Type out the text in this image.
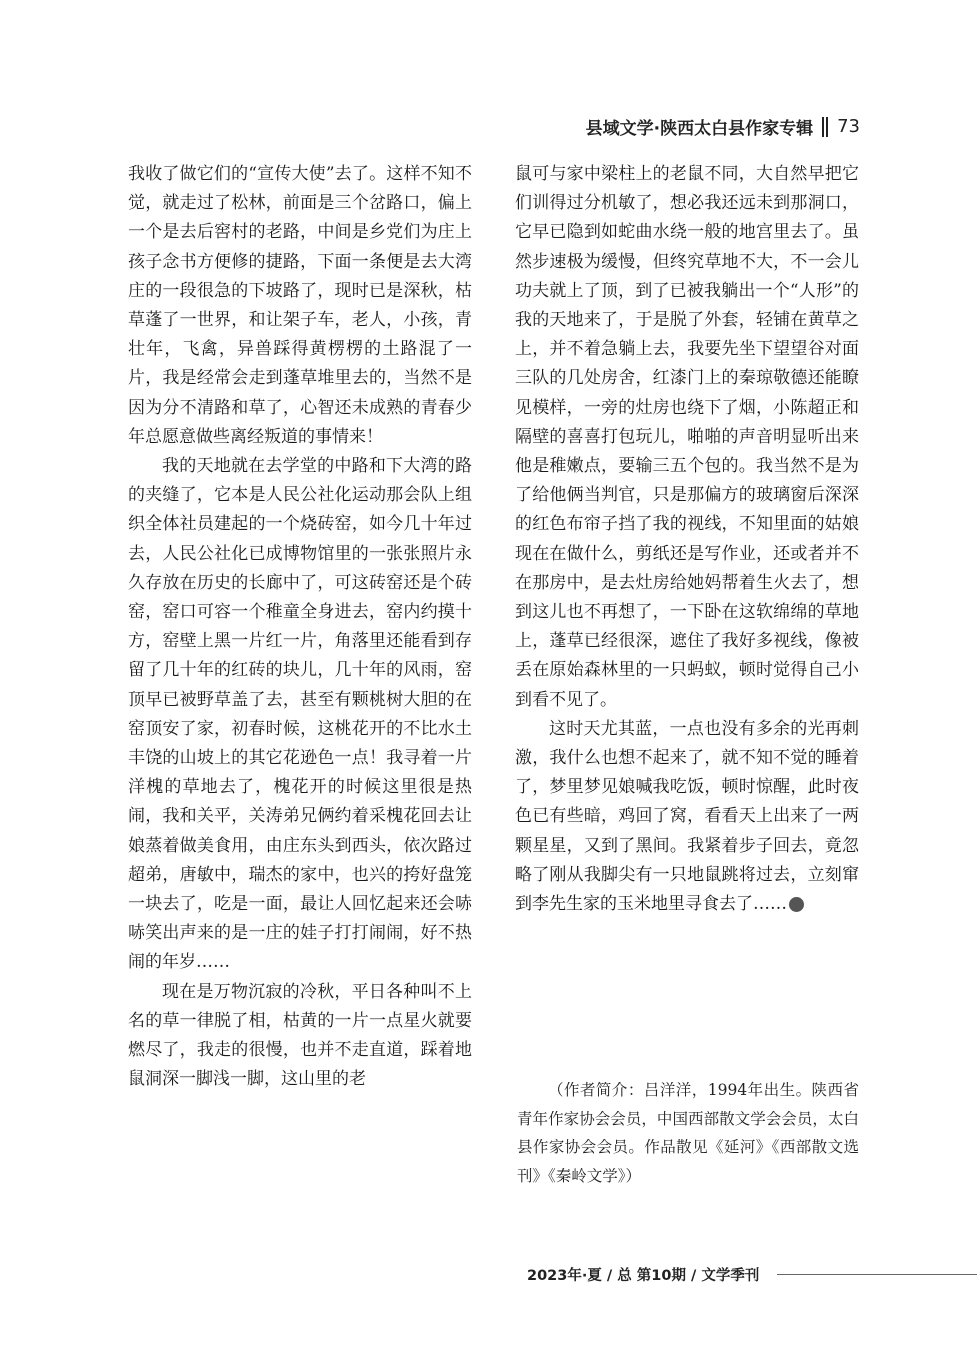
县域文学·陕西太白县作家专辑 73

我收了做它们的“宣传大使”去了。这样不知不觉，就走过了松林，前面是三个岔路口，偏上一个是去后窖村的老路，中间是乡党们为庄上孩子念书方便修的捷路，下面一条便是去大湾庄的一段很急的下坡路了，现时已是深秋，枯草蓬了一世界，和让架子车，老人，小孩，青壮年，飞禽，异兽踩得黄楞楞的土路混了一片，我是经常会走到蓬草堆里去的，当然不是因为分不清路和草了，心智还未成熟的青春少年总愿意做些离经叛道的事情来！

我的天地就在去学堂的中路和下大湾的路的夹缝了，它本是人民公社化运动那会队上组织全体社员建起的一个烧砖窑，如今几十年过去，人民公社化已成博物馆里的一张张照片永久存放在历史的长廊中了，可这砖窑还是个砖窑，窑口可容一个稚童全身进去，窑内约摸十方，窑壁上黑一片红一片，角落里还能看到存留了几十年的红砖的块儿，几十年的风雨，窑顶早已被野草盖了去，甚至有颗桃树大胆的在窑顶安了家，初春时候，这桃花开的不比水土丰饶的山坡上的其它花逊色一点！我寻着一片洋槐的草地去了，槐花开的时候这里很是热闹，我和关平，关涛弟兄俩约着采槐花回去让娘蒸着做美食用，由庄东头到西头，依次路过超弟，唐敏中，瑞杰的家中，也兴的挎好盘笼一块去了，吃是一面，最让人回忆起来还会哧哧笑出声来的是一庄的娃子打打闹闹，好不热闹的年岁……

现在是万物沉寂的冷秋，平日各种叫不上名的草一律脱了相，枯黄的一片一点星火就要燃尽了，我走的很慢，也并不走直道，踩着地鼠洞深一脚浅一脚，这山里的老

鼠可与家中梁柱上的老鼠不同，大自然早把它们训得过分机敏了，想必我还远未到那洞口，它早已隐到如蛇曲水绕一般的地宫里去了。虽然步速极为缓慢，但终究草地不大，不一会儿功夫就上了顶，到了已被我躺出一个“人形”的我的天地来了，于是脱了外套，轻铺在黄草之上，并不着急躺上去，我要先坐下望望谷对面三队的几处房舍，红漆门上的秦琼敬德还能瞭见模样，一旁的灶房也绕下了烟，小陈超正和隔壁的喜喜打包玩儿，啪啪的声音明显听出来他是稚嫩点，要输三五个包的。我当然不是为了给他俩当判官，只是那偏方的玻璃窗后深深的红色布帘子挡了我的视线，不知里面的姑娘现在在做什么，剪纸还是写作业，还或者并不在那房中，是去灶房给她妈帮着生火去了，想到这儿也不再想了，一下卧在这软绵绵的草地上，蓬草已经很深，遮住了我好多视线，像被丢在原始森林里的一只蚂蚁，顿时觉得自己小到看不见了。

这时天尤其蓝，一点也没有多余的光再刺激，我什么也想不起来了，就不知不觉的睡着了，梦里梦见娘喊我吃饭，顿时惊醒，此时夜色已有些暗，鸡回了窝，看看天上出来了一两颗星星，又到了黑间。我紧着步子回去，竟忽略了刚从我脚尖有一只地鼠跳将过去，立刻窜到李先生家的玉米地里寻食去了……	⚑

（作者简介：吕洋洋，1994年出生。陕西省青年作家协会会员，中国西部散文学会会员，太白县作家协会会员。作品散见《延河》《西部散文选刊》《秦岭文学》）

2023年·夏 / 总 第10期 / 文学季刊
